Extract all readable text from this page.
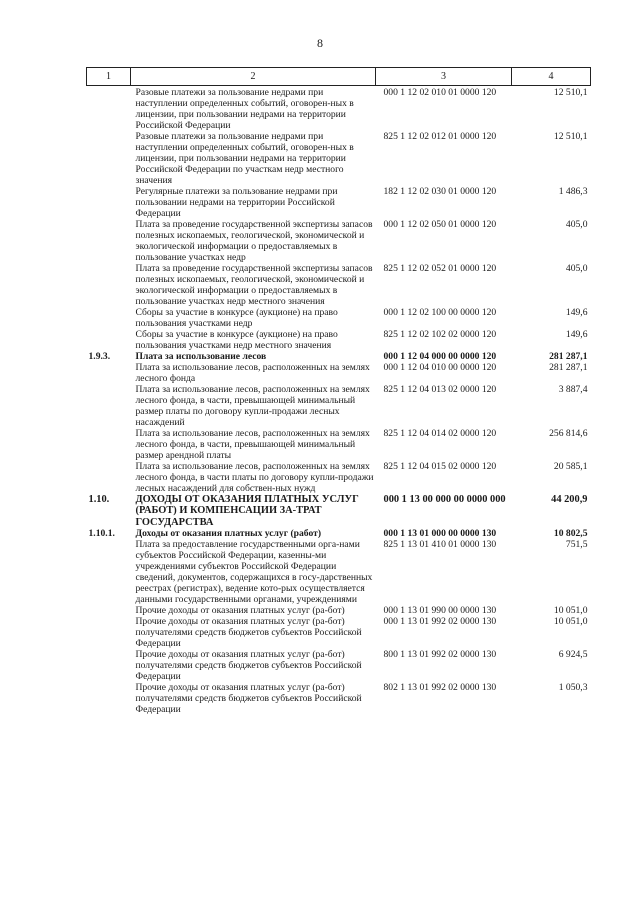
8
1	2	3	4
	Разовые платежи за пользование недрами при наступлении определенных событий, оговорен-ных в лицензии, при пользовании недрами на территории Российской Федерации	000 1 12 02 010 01 0000 120	12 510,1
	Разовые платежи за пользование недрами при наступлении определенных событий, оговорен-ных в лицензии, при пользовании недрами на территории Российской Федерации по участкам недр местного значения	825 1 12 02 012 01 0000 120	12 510,1
	Регулярные платежи за пользование недрами при пользовании недрами на территории Российской Федерации	182 1 12 02 030 01 0000 120	1 486,3
	Плата за проведение государственной экспертизы запасов полезных ископаемых, геологической, экономической и экологической информации о предоставляемых в пользование участках недр	000 1 12 02 050 01 0000 120	405,0
	Плата за проведение государственной экспертизы запасов полезных ископаемых, геологической, экономической и экологической информации о предоставляемых в пользование участках недр местного значения	825 1 12 02 052 01 0000 120	405,0
	Сборы за участие в конкурсе (аукционе) на право пользования участками недр	000 1 12 02 100 00 0000 120	149,6
	Сборы за участие в конкурсе (аукционе) на право пользования участками недр местного значения	825 1 12 02 102 02 0000 120	149,6
1.9.3.	Плата за использование лесов	000 1 12 04 000 00 0000 120	281 287,1
	Плата за использование лесов, расположенных на землях лесного фонда	000 1 12 04 010 00 0000 120	281 287,1
	Плата за использование лесов, расположенных на землях лесного фонда, в части, превышающей минимальный размер платы по договору купли-продажи лесных насаждений	825 1 12 04 013 02 0000 120	3 887,4
	Плата за использование лесов, расположенных на землях лесного фонда, в части, превышающей минимальный размер арендной платы	825 1 12 04 014 02 0000 120	256 814,6
	Плата за использование лесов, расположенных на землях лесного фонда, в части платы по договору купли-продажи лесных насаждений для собствен-ных нужд	825 1 12 04 015 02 0000 120	20 585,1
1.10.	ДОХОДЫ ОТ ОКАЗАНИЯ ПЛАТНЫХ УСЛУГ (РАБОТ) И КОМПЕНСАЦИИ ЗА-ТРАТ ГОСУДАРСТВА	000 1 13 00 000 00 0000 000	44 200,9
1.10.1.	Доходы от оказания платных услуг (работ)	000 1 13 01 000 00 0000 130	10 802,5
	Плата за предоставление государственными орга-нами субъектов Российской Федерации, казенны-ми учреждениями субъектов Российской Федерации сведений, документов, содержащихся в госу-дарственных реестрах (регистрах), ведение кото-рых осуществляется данными государственными органами, учреждениями	825 1 13 01 410 01 0000 130	751,5
	Прочие доходы от оказания платных услуг (ра-бот)	000 1 13 01 990 00 0000 130	10 051,0
	Прочие доходы от оказания платных услуг (ра-бот) получателями средств бюджетов субъектов Российской Федерации	000 1 13 01 992 02 0000 130	10 051,0
	Прочие доходы от оказания платных услуг (ра-бот) получателями средств бюджетов субъектов Российской Федерации	800 1 13 01 992 02 0000 130	6 924,5
	Прочие доходы от оказания платных услуг (ра-бот) получателями средств бюджетов субъектов Российской Федерации	802 1 13 01 992 02 0000 130	1 050,3
